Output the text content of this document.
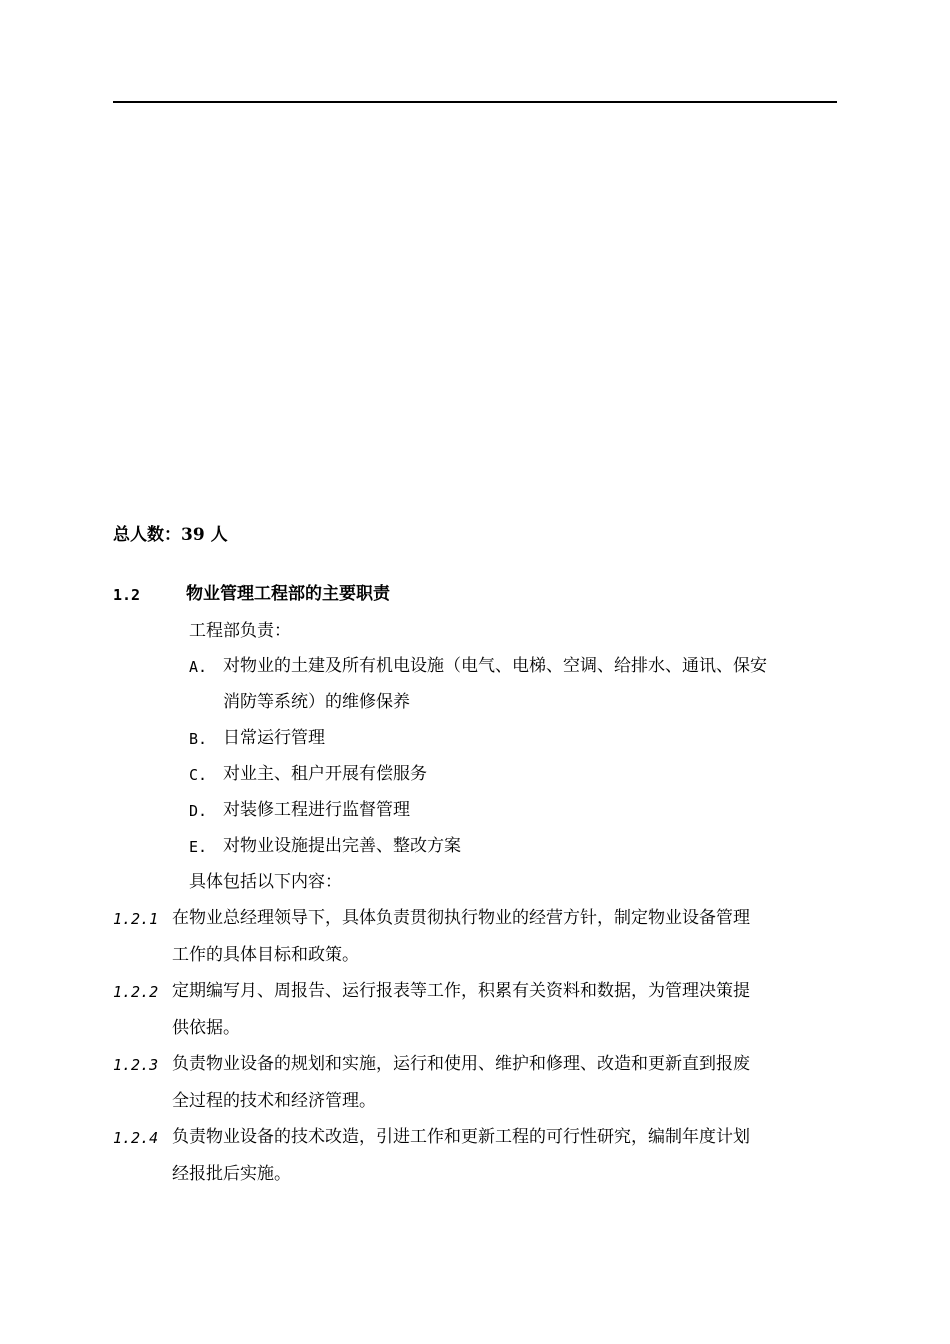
总人数：39 人
1.2	物业管理工程部的主要职责
工程部负责：
A. 对物业的土建及所有机电设施（电气、电梯、空调、给排水、通讯、保安
消防等系统）的维修保养
B. 日常运行管理
C. 对业主、租户开展有偿服务
D. 对装修工程进行监督管理
E. 对物业设施提出完善、整改方案
具体包括以下内容：
1.2.1 在物业总经理领导下，具体负责贯彻执行物业的经营方针，制定物业设备管理
工作的具体目标和政策。
1.2.2 定期编写月、周报告、运行报表等工作，积累有关资料和数据，为管理决策提
供依据。
1.2.3 负责物业设备的规划和实施，运行和使用、维护和修理、改造和更新直到报废
全过程的技术和经济管理。
1.2.4 负责物业设备的技术改造，引进工作和更新工程的可行性研究，编制年度计划
经报批后实施。
